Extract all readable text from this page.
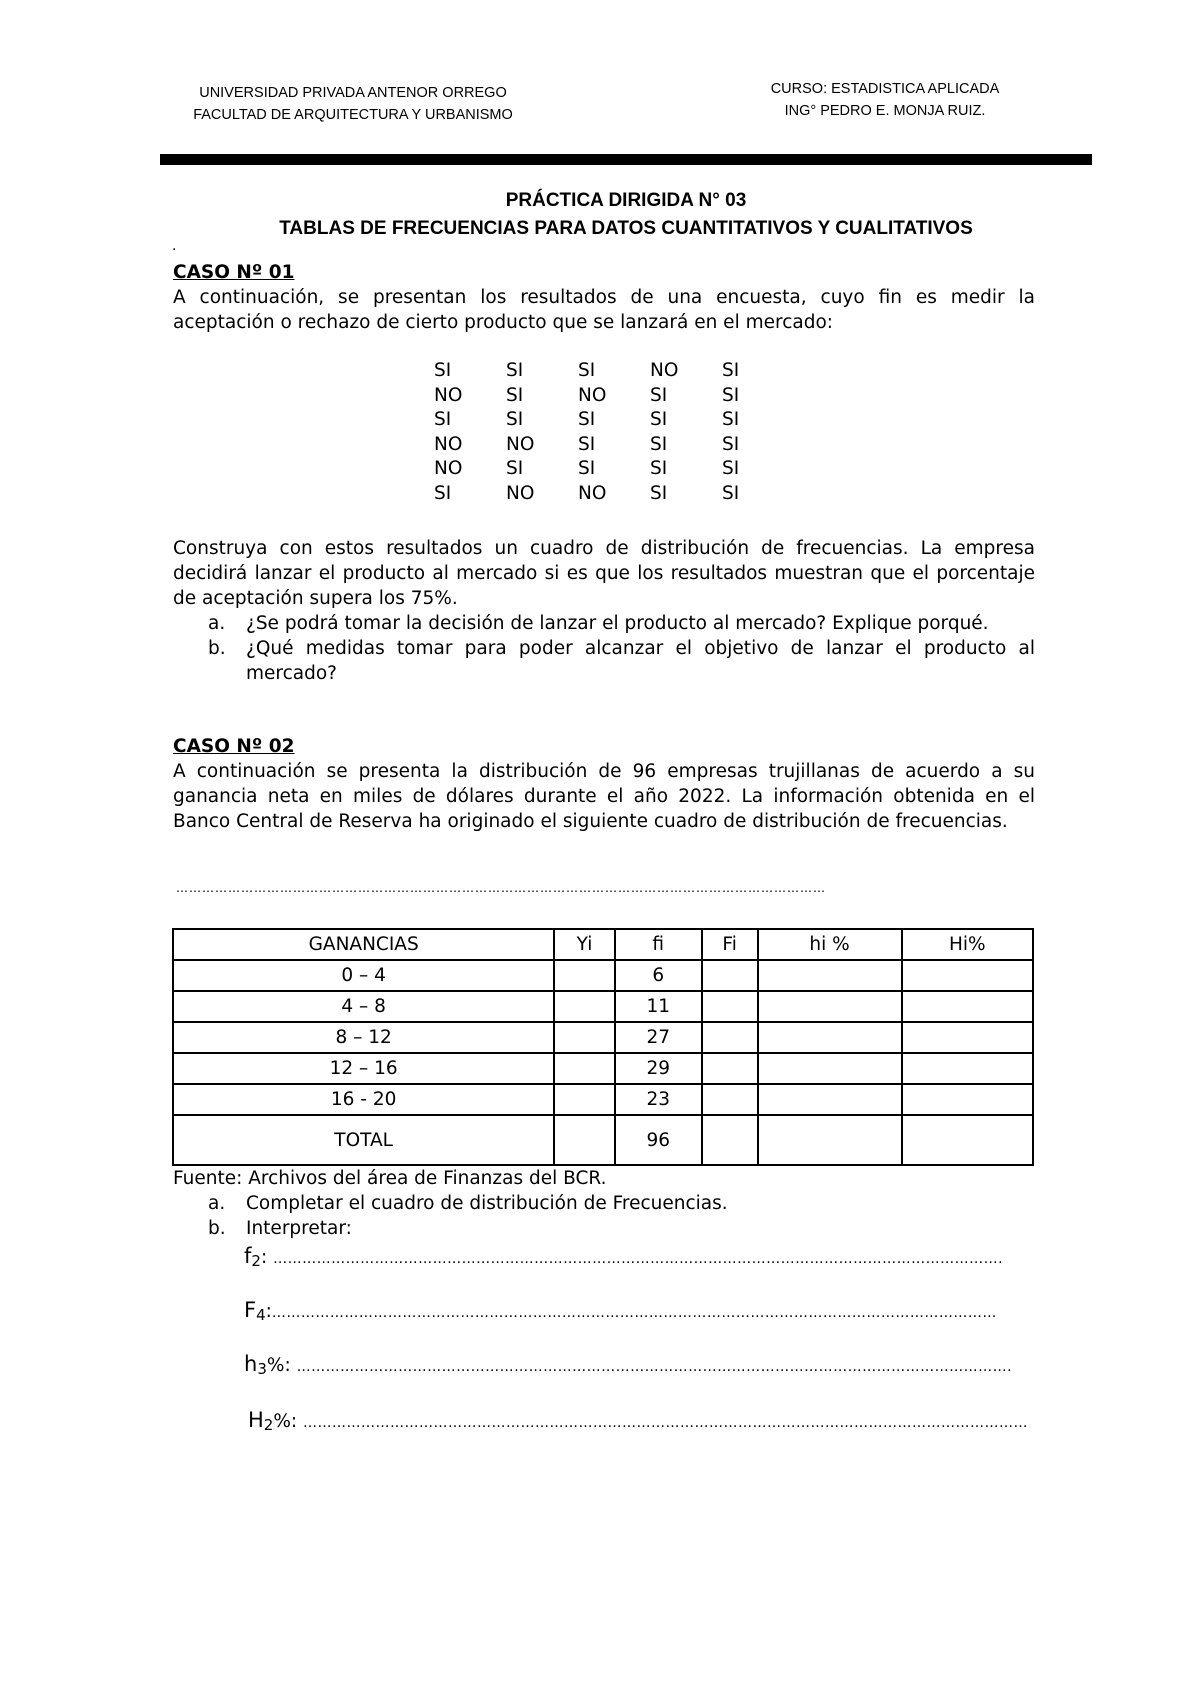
UNIVERSIDAD PRIVADA ANTENOR ORREGO
FACULTAD DE ARQUITECTURA Y URBANISMO
CURSO: ESTADISTICA APLICADA
ING° PEDRO E. MONJA RUIZ.
PRÁCTICA DIRIGIDA N° 03
TABLAS DE FRECUENCIAS PARA DATOS CUANTITATIVOS Y CUALITATIVOS
.
CASO Nº 01

A continuación, se presentan los resultados de una encuesta, cuyo fin es medir la aceptación o rechazo de cierto producto que se lanzará en el mercado:

SI	SI	SI	NO	SI
NO	SI	NO	SI	SI
SI	SI	SI	SI	SI
NO	NO	SI	SI	SI
NO	SI	SI	SI	SI
SI	NO	NO	SI	SI

Construya con estos resultados un cuadro de distribución de frecuencias. La empresa decidirá lanzar el producto al mercado si es que los resultados muestran que el porcentaje de aceptación supera los 75%.

a. ¿Se podrá tomar la decisión de lanzar el producto al mercado? Explique porqué.
b. ¿Qué medidas tomar para poder alcanzar el objetivo de lanzar el producto al mercado?
CASO Nº 02

A continuación se presenta la distribución de 96 empresas trujillanas de acuerdo a su ganancia neta en miles de dólares durante el año 2022. La información obtenida en el Banco Central de Reserva ha originado el siguiente cuadro de distribución de frecuencias.

……………………………………………………………………………………………………………………………………
GANANCIAS	Yi	fi	Fi	hi %	Hi%
0 – 4		6			
4 – 8		11			
8 – 12		27			
12 – 16		29			
16 - 20		23			
TOTAL		96			

Fuente: Archivos del área de Finanzas del BCR.

a. Completar el cuadro de distribución de Frecuencias.
b. Interpretar:
$f_2$: …………………………………………………………………………………………………………………………………….
$F_4:\dots\dots\dots\dots\dots\dots\dots\dots\dots\dots\dots\dots\dots\dots\dots\dots\dots\dots\dots\dots\dots\dots\dots\dots\dots\dots\dots\dots\dots\dots\dots\dots\dots\dots\dots\dots\dots\dots\dots\dots\dots\dots\dots\dots\dots\dots\dots\dots\dots\dots$
$h_3\%$: ………………………………………………………………………………………………………………………………….
$H_2\%$: ……………………………………………………………………………………………………………………………………
